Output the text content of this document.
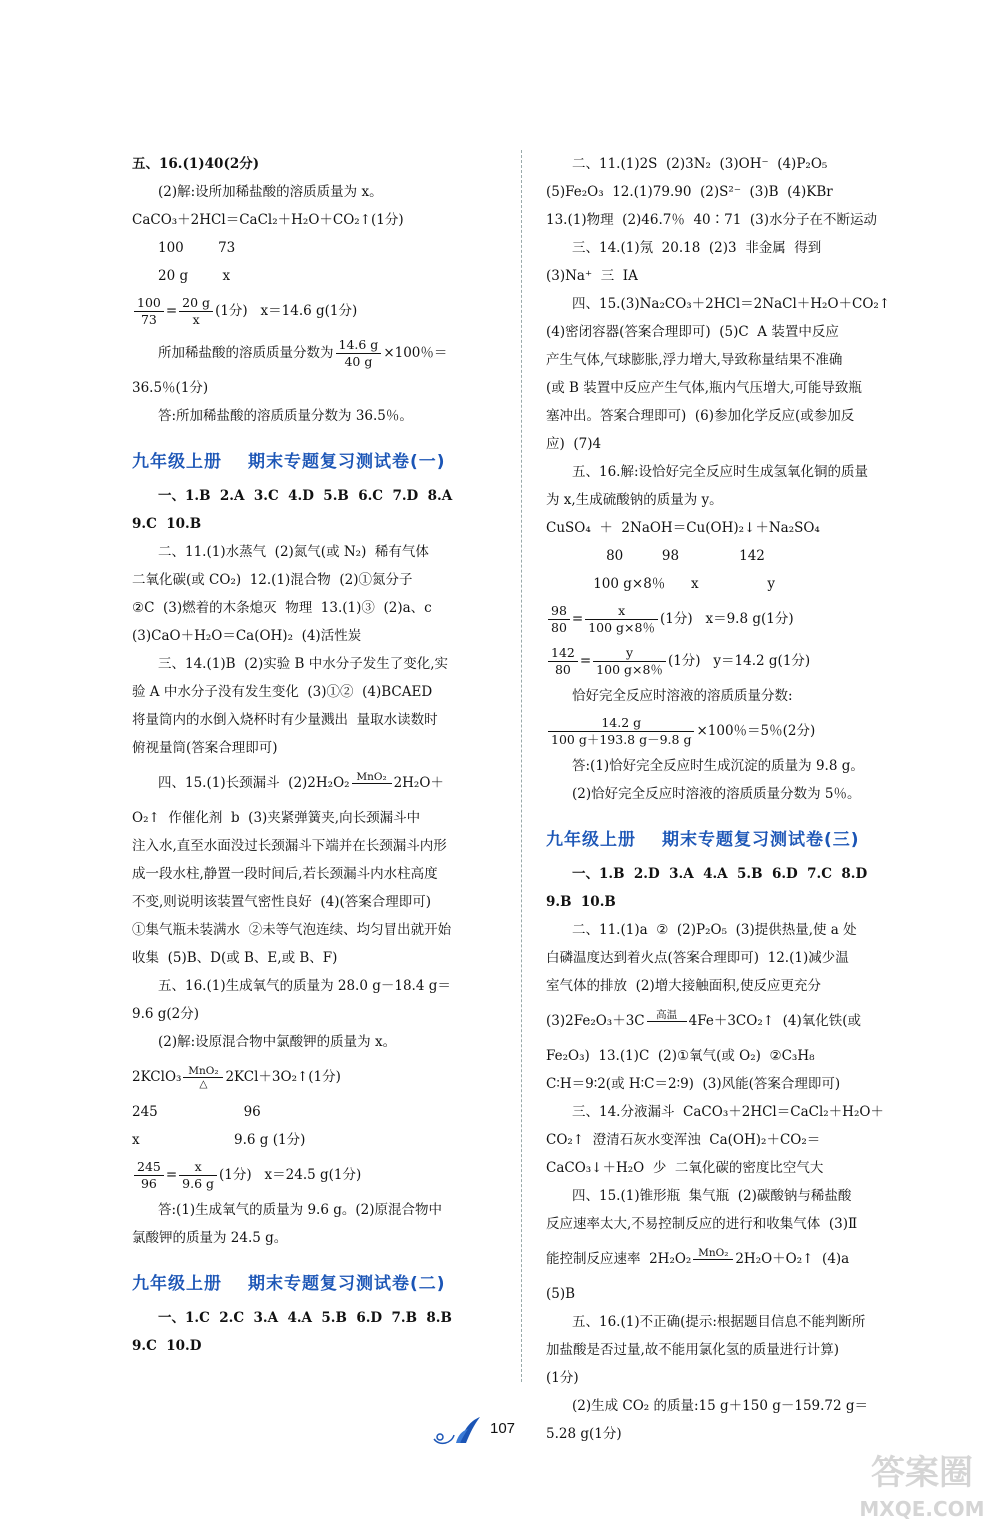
五、16.(1)40(2分)
(2)解:设所加稀盐酸的溶质质量为 x。
CaCO₃＋2HCl＝CaCl₂＋H₂O＋CO₂↑(1分)
100        73
20 g        x
$\frac{100}{73} = \frac{20 g}{x} (1$分)   x＝14.6 g(1分)
所加稀盐酸的溶质质量分数为 $\frac{14.6 g}{40 g} \times 100$％＝
36.5％(1分)
答:所加稀盐酸的溶质质量分数为 36.5％。
九年级上册 期末专题复习测试卷(一)
一、1.B  2.A  3.C  4.D  5.B  6.C  7.D  8.A
9.C  10.B
二、11.(1)水蒸气  (2)氮气(或 N₂)  稀有气体
二氧化碳(或 CO₂)  12.(1)混合物  (2)①氮分子
②C  (3)燃着的木条熄灭  物理  13.(1)③  (2)a、c
(3)CaO＋H₂O＝Ca(OH)₂  (4)活性炭
三、14.(1)B  (2)实验 B 中水分子发生了变化,实
验 A 中水分子没有发生变化  (3)①②  (4)BCAED
将量筒内的水倒入烧杯时有少量溅出  量取水读数时
俯视量筒(答案合理即可)
四、15.(1)长颈漏斗  (2)2H₂O₂ MnO₂
2H₂O＋
O₂↑  作催化剂  b  (3)夹紧弹簧夹,向长颈漏斗中
注入水,直至水面没过长颈漏斗下端并在长颈漏斗内形
成一段水柱,静置一段时间后,若长颈漏斗内水柱高度
不变,则说明该装置气密性良好  (4)(答案合理即可)
①集气瓶未装满水  ②未等气泡连续、均匀冒出就开始
收集  (5)B、D(或 B、E,或 B、F)
五、16.(1)生成氧气的质量为 28.0 g－18.4 g＝
9.6 g(2分)
(2)解:设原混合物中氯酸钾的质量为 x。
2KClO₃ MnO₂
△	2KCl＋3O₂↑(1分)
245                    96
x                      9.6 g (1分)
$\frac{245}{96} = \frac{x}{9.6 g} (1$分)   x＝24.5 g(1分)
答:(1)生成氧气的质量为 9.6 g。(2)原混合物中
氯酸钾的质量为 24.5 g。
九年级上册 期末专题复习测试卷(二)
一、1.C  2.C  3.A  4.A  5.B  6.D  7.B  8.B
9.C  10.D
二、11.(1)2S  (2)3N₂  (3)OH⁻  (4)P₂O₅
(5)Fe₂O₃  12.(1)79.90  (2)S²⁻  (3)B  (4)KBr
13.(1)物理  (2)46.7％  40∶71  (3)水分子在不断运动
三、14.(1)氖  20.18  (2)3  非金属  得到
(3)Na⁺  三  ⅠA
四、15.(3)Na₂CO₃＋2HCl＝2NaCl＋H₂O＋CO₂↑
(4)密闭容器(答案合理即可)  (5)C  A 装置中反应
产生气体,气球膨胀,浮力增大,导致称量结果不准确
(或 B 装置中反应产生气体,瓶内气压增大,可能导致瓶
塞冲出。答案合理即可)  (6)参加化学反应(或参加反
应)  (7)4
五、16.解:设恰好完全反应时生成氢氧化铜的质量
为 x,生成硫酸钠的质量为 y。
CuSO₄  ＋  2NaOH＝Cu(OH)₂↓＋Na₂SO₄
80         98              142
100 g×8％      x                y
$\frac{98}{80} = \frac{x}{100 g\times 8\%} (1$分)   x＝9.8 g(1分)
$\frac{142}{80} = \frac{y}{100 g\times 8\%} (1$分)   y＝14.2 g(1分)
恰好完全反应时溶液的溶质质量分数:
$\frac{14.2 g}{100 g+193.8 g-9.8 g} \times 100$％＝5％(2分)
答:(1)恰好完全反应时生成沉淀的质量为 9.8 g。
(2)恰好完全反应时溶液的溶质质量分数为 5％。
九年级上册 期末专题复习测试卷(三)
一、1.B  2.D  3.A  4.A  5.B  6.D  7.C  8.D
9.B  10.B
二、11.(1)a  ②  (2)P₂O₅  (3)提供热量,使 a 处
白磷温度达到着火点(答案合理即可)  12.(1)减少温
室气体的排放  (2)增大接触面积,使反应更充分
(3)2Fe₂O₃＋3C	高温
4Fe＋3CO₂↑  (4)氧化铁(或
Fe₂O₃)  13.(1)C  (2)①氧气(或 O₂)  ②C₃H₈
C∶H＝9∶2(或 H∶C＝2∶9)  (3)风能(答案合理即可)
三、14.分液漏斗  CaCO₃＋2HCl＝CaCl₂＋H₂O＋
CO₂↑  澄清石灰水变浑浊  Ca(OH)₂＋CO₂＝
CaCO₃↓＋H₂O  少  二氧化碳的密度比空气大
四、15.(1)锥形瓶  集气瓶  (2)碳酸钠与稀盐酸
反应速率太大,不易控制反应的进行和收集气体  (3)Ⅱ
能控制反应速率  2H₂O₂ MnO₂
2H₂O＋O₂↑  (4)a
(5)B
五、16.(1)不正确(提示:根据题目信息不能判断所
加盐酸是否过量,故不能用氯化氢的质量进行计算)
(1分)
(2)生成 CO₂ 的质量:15 g＋150 g－159.72 g＝
5.28 g(1分)
107
答案圈
MXQE.COM
